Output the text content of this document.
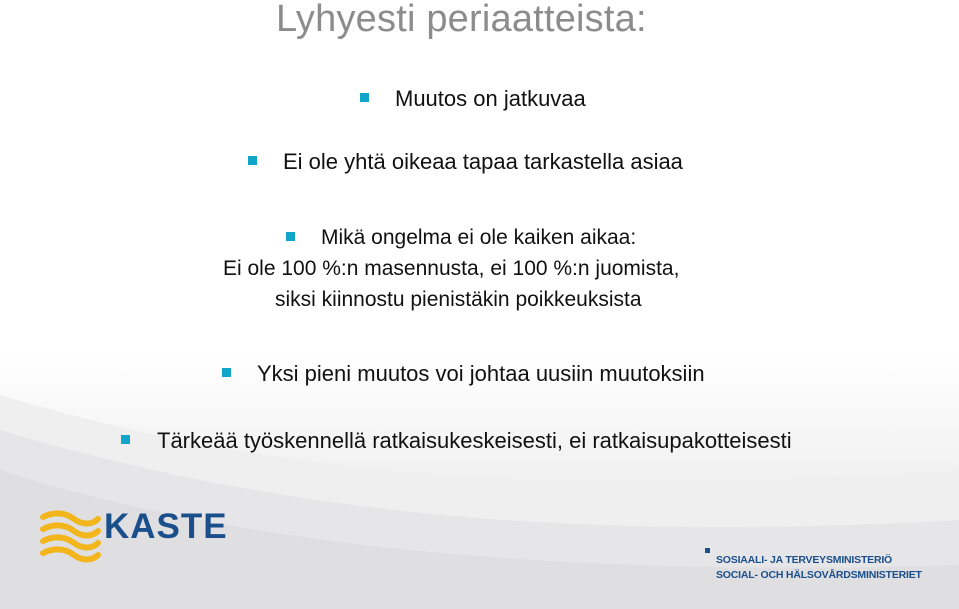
Lyhyesti periaatteista:
Muutos on jatkuvaa
Ei ole yhtä oikeaa tapaa tarkastella asiaa
Mikä ongelma ei ole kaiken aikaa:
Ei ole 100 %:n masennusta, ei 100 %:n juomista,
siksi kiinnostu pienistäkin poikkeuksista
Yksi pieni muutos voi johtaa uusiin muutoksiin
Tärkeää työskennellä ratkaisukeskeisesti, ei ratkaisupakotteisesti
KASTE
SOSIAALI- JA TERVEYSMINISTERIÖ
SOCIAL- OCH HÄLSOVÅRDSMINISTERIET
